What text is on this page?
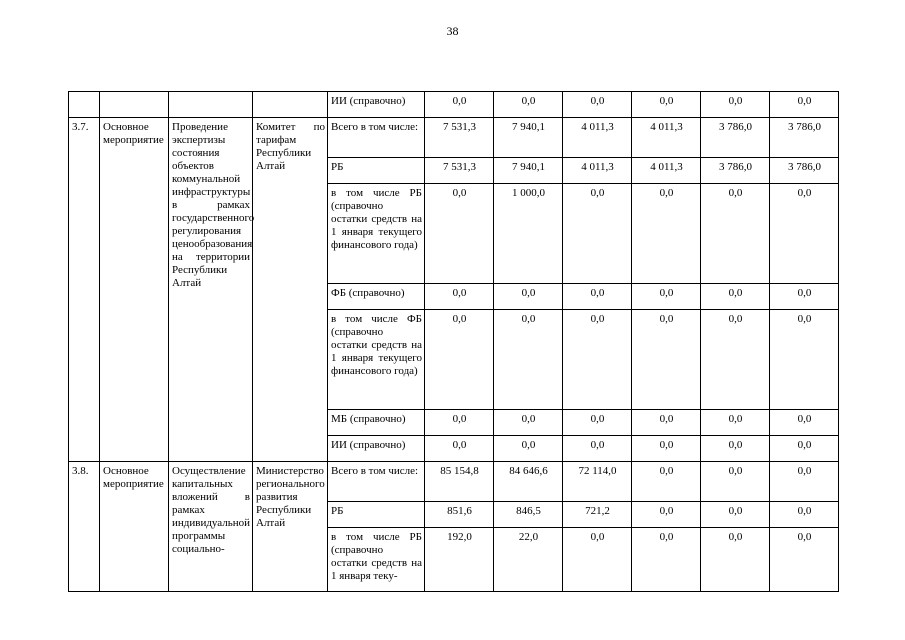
38
				ИИ (справочно)	0,0	0,0	0,0	0,0	0,0	0,0
3.7.	Основное мероприятие	Проведение экспертизы состояния объектов коммунальной инфраструктуры в рамках государственного регулирования ценообразования на территории Республики Алтай	Комитет по тарифам Республики Алтай	Всего в том числе:	7 531,3	7 940,1	4 011,3	4 011,3	3 786,0	3 786,0
				РБ	7 531,3	7 940,1	4 011,3	4 011,3	3 786,0	3 786,0
				в том числе РБ (справочно остатки средств на 1 января текущего финансового года)	0,0	1 000,0	0,0	0,0	0,0	0,0
				ФБ (справочно)	0,0	0,0	0,0	0,0	0,0	0,0
				в том числе ФБ (справочно остатки средств на 1 января текущего финансового года)	0,0	0,0	0,0	0,0	0,0	0,0
				МБ (справочно)	0,0	0,0	0,0	0,0	0,0	0,0
				ИИ (справочно)	0,0	0,0	0,0	0,0	0,0	0,0
3.8.	Основное мероприятие	Осуществление капитальных вложений в рамках индивидуальной программы социально-	Министерство регионального развития Республики Алтай	Всего в том числе:	85 154,8	84 646,6	72 114,0	0,0	0,0	0,0
				РБ	851,6	846,5	721,2	0,0	0,0	0,0
				в том числе РБ (справочно остатки средств на 1 января теку-	192,0	22,0	0,0	0,0	0,0	0,0
